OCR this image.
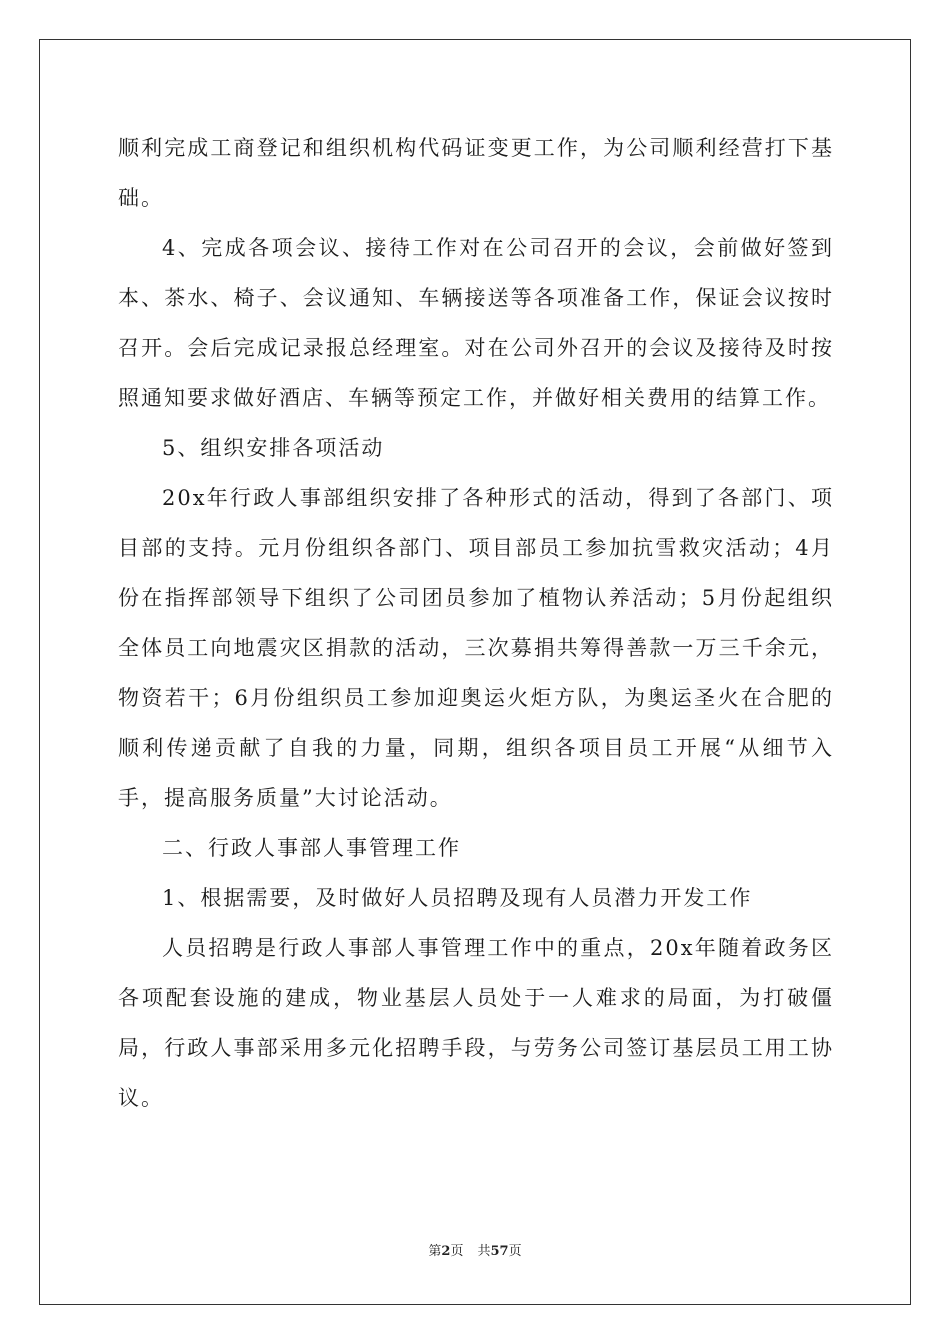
顺利完成工商登记和组织机构代码证变更工作，为公司顺利经营打下基础。

4、完成各项会议、接待工作对在公司召开的会议，会前做好签到本、茶水、椅子、会议通知、车辆接送等各项准备工作，保证会议按时召开。会后完成记录报总经理室。对在公司外召开的会议及接待及时按照通知要求做好酒店、车辆等预定工作，并做好相关费用的结算工作。

5、组织安排各项活动

20x年行政人事部组织安排了各种形式的活动，得到了各部门、项目部的支持。元月份组织各部门、项目部员工参加抗雪救灾活动；4月份在指挥部领导下组织了公司团员参加了植物认养活动；5月份起组织全体员工向地震灾区捐款的活动，三次募捐共筹得善款一万三千余元，物资若干；6月份组织员工参加迎奥运火炬方队，为奥运圣火在合肥的顺利传递贡献了自我的力量，同期，组织各项目员工开展“从细节入手，提高服务质量”大讨论活动。

二、行政人事部人事管理工作

1、根据需要，及时做好人员招聘及现有人员潜力开发工作

人员招聘是行政人事部人事管理工作中的重点，20x年随着政务区各项配套设施的建成，物业基层人员处于一人难求的局面，为打破僵局，行政人事部采用多元化招聘手段，与劳务公司签订基层员工用工协议。

第2页 共57页
